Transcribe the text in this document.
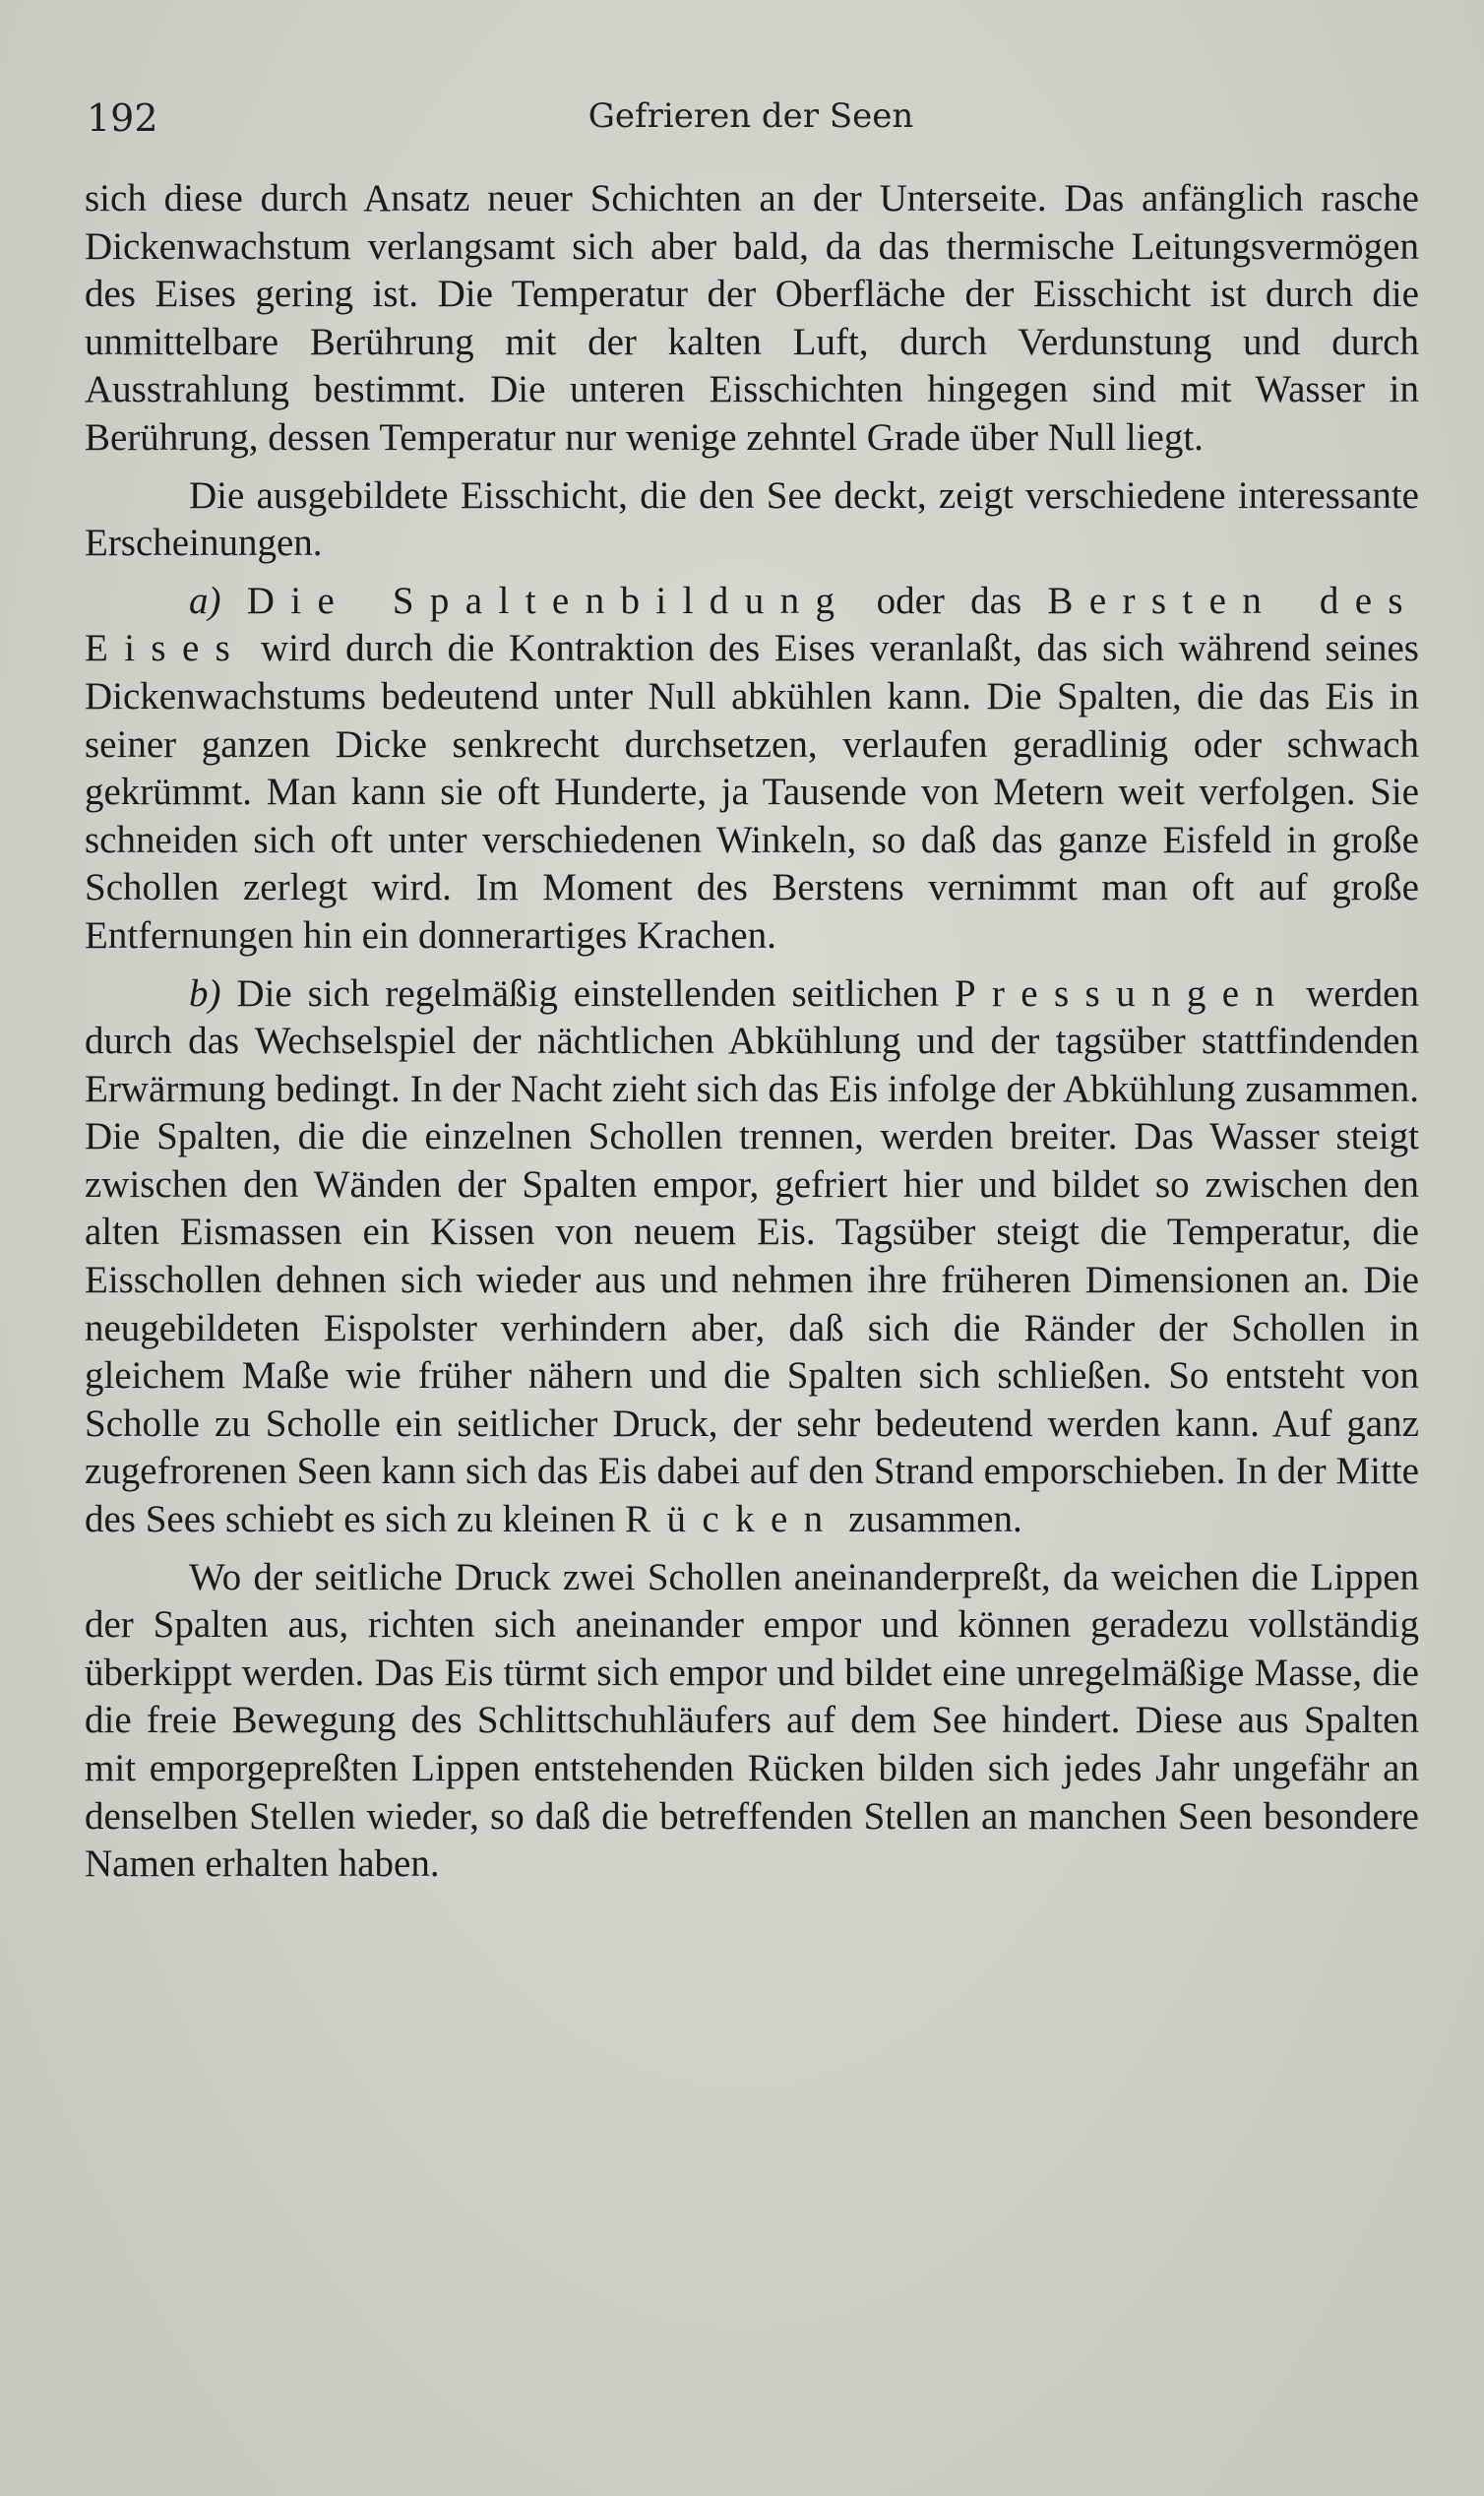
192	Gefrieren der Seen

sich diese durch Ansatz neuer Schichten an der Unterseite. Das anfänglich rasche Dickenwachstum verlangsamt sich aber bald, da das thermische Leitungsvermögen des Eises gering ist. Die Temperatur der Oberfläche der Eisschicht ist durch die unmittelbare Berührung mit der kalten Luft, durch Verdunstung und durch Ausstrahlung bestimmt. Die unteren Eisschichten hingegen sind mit Wasser in Berührung, dessen Temperatur nur wenige zehntel Grade über Null liegt.

Die ausgebildete Eisschicht, die den See deckt, zeigt verschiedene interessante Erscheinungen.

a) Die Spaltenbildung oder das Bersten des Eises wird durch die Kontraktion des Eises veranlaßt, das sich während seines Dickenwachstums bedeutend unter Null abkühlen kann. Die Spalten, die das Eis in seiner ganzen Dicke senkrecht durchsetzen, verlaufen geradlinig oder schwach gekrümmt. Man kann sie oft Hunderte, ja Tausende von Metern weit verfolgen. Sie schneiden sich oft unter verschiedenen Winkeln, so daß das ganze Eisfeld in große Schollen zerlegt wird. Im Moment des Berstens vernimmt man oft auf große Entfernungen hin ein donnerartiges Krachen.

b) Die sich regelmäßig einstellenden seitlichen Pressungen werden durch das Wechselspiel der nächtlichen Abkühlung und der tagsüber stattfindenden Erwärmung bedingt. In der Nacht zieht sich das Eis infolge der Abkühlung zusammen. Die Spalten, die die einzelnen Schollen trennen, werden breiter. Das Wasser steigt zwischen den Wänden der Spalten empor, gefriert hier und bildet so zwischen den alten Eismassen ein Kissen von neuem Eis. Tagsüber steigt die Temperatur, die Eisschollen dehnen sich wieder aus und nehmen ihre früheren Dimensionen an. Die neugebildeten Eispolster verhindern aber, daß sich die Ränder der Schollen in gleichem Maße wie früher nähern und die Spalten sich schließen. So entsteht von Scholle zu Scholle ein seitlicher Druck, der sehr bedeutend werden kann. Auf ganz zugefrorenen Seen kann sich das Eis dabei auf den Strand emporschieben. In der Mitte des Sees schiebt es sich zu kleinen Rücken zusammen.

Wo der seitliche Druck zwei Schollen aneinanderpreßt, da weichen die Lippen der Spalten aus, richten sich aneinander empor und können geradezu vollständig überkippt werden. Das Eis türmt sich empor und bildet eine unregelmäßige Masse, die die freie Bewegung des Schlittschuhläufers auf dem See hindert. Diese aus Spalten mit emporgepreßten Lippen entstehenden Rücken bilden sich jedes Jahr ungefähr an denselben Stellen wieder, so daß die betreffenden Stellen an manchen Seen besondere Namen erhalten haben.
